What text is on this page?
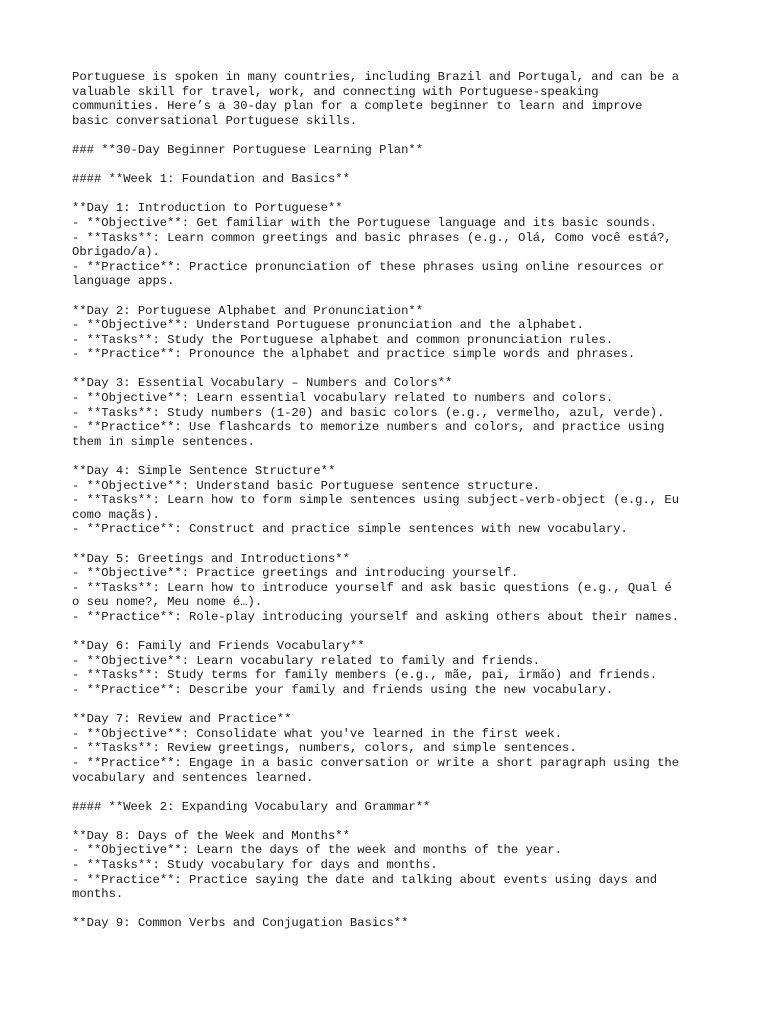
Portuguese is spoken in many countries, including Brazil and Portugal, and can be a
valuable skill for travel, work, and connecting with Portuguese-speaking
communities. Here’s a 30-day plan for a complete beginner to learn and improve
basic conversational Portuguese skills.
### **30-Day Beginner Portuguese Learning Plan**
#### **Week 1: Foundation and Basics**
**Day 1: Introduction to Portuguese**
- **Objective**: Get familiar with the Portuguese language and its basic sounds.
- **Tasks**: Learn common greetings and basic phrases (e.g., Olá, Como você está?,
Obrigado/a).
- **Practice**: Practice pronunciation of these phrases using online resources or
language apps.
**Day 2: Portuguese Alphabet and Pronunciation**
- **Objective**: Understand Portuguese pronunciation and the alphabet.
- **Tasks**: Study the Portuguese alphabet and common pronunciation rules.
- **Practice**: Pronounce the alphabet and practice simple words and phrases.
**Day 3: Essential Vocabulary – Numbers and Colors**
- **Objective**: Learn essential vocabulary related to numbers and colors.
- **Tasks**: Study numbers (1-20) and basic colors (e.g., vermelho, azul, verde).
- **Practice**: Use flashcards to memorize numbers and colors, and practice using
them in simple sentences.
**Day 4: Simple Sentence Structure**
- **Objective**: Understand basic Portuguese sentence structure.
- **Tasks**: Learn how to form simple sentences using subject-verb-object (e.g., Eu
como maçãs).
- **Practice**: Construct and practice simple sentences with new vocabulary.
**Day 5: Greetings and Introductions**
- **Objective**: Practice greetings and introducing yourself.
- **Tasks**: Learn how to introduce yourself and ask basic questions (e.g., Qual é
o seu nome?, Meu nome é…).
- **Practice**: Role-play introducing yourself and asking others about their names.
**Day 6: Family and Friends Vocabulary**
- **Objective**: Learn vocabulary related to family and friends.
- **Tasks**: Study terms for family members (e.g., mãe, pai, irmão) and friends.
- **Practice**: Describe your family and friends using the new vocabulary.
**Day 7: Review and Practice**
- **Objective**: Consolidate what you've learned in the first week.
- **Tasks**: Review greetings, numbers, colors, and simple sentences.
- **Practice**: Engage in a basic conversation or write a short paragraph using the
vocabulary and sentences learned.
#### **Week 2: Expanding Vocabulary and Grammar**
**Day 8: Days of the Week and Months**
- **Objective**: Learn the days of the week and months of the year.
- **Tasks**: Study vocabulary for days and months.
- **Practice**: Practice saying the date and talking about events using days and
months.
**Day 9: Common Verbs and Conjugation Basics**
